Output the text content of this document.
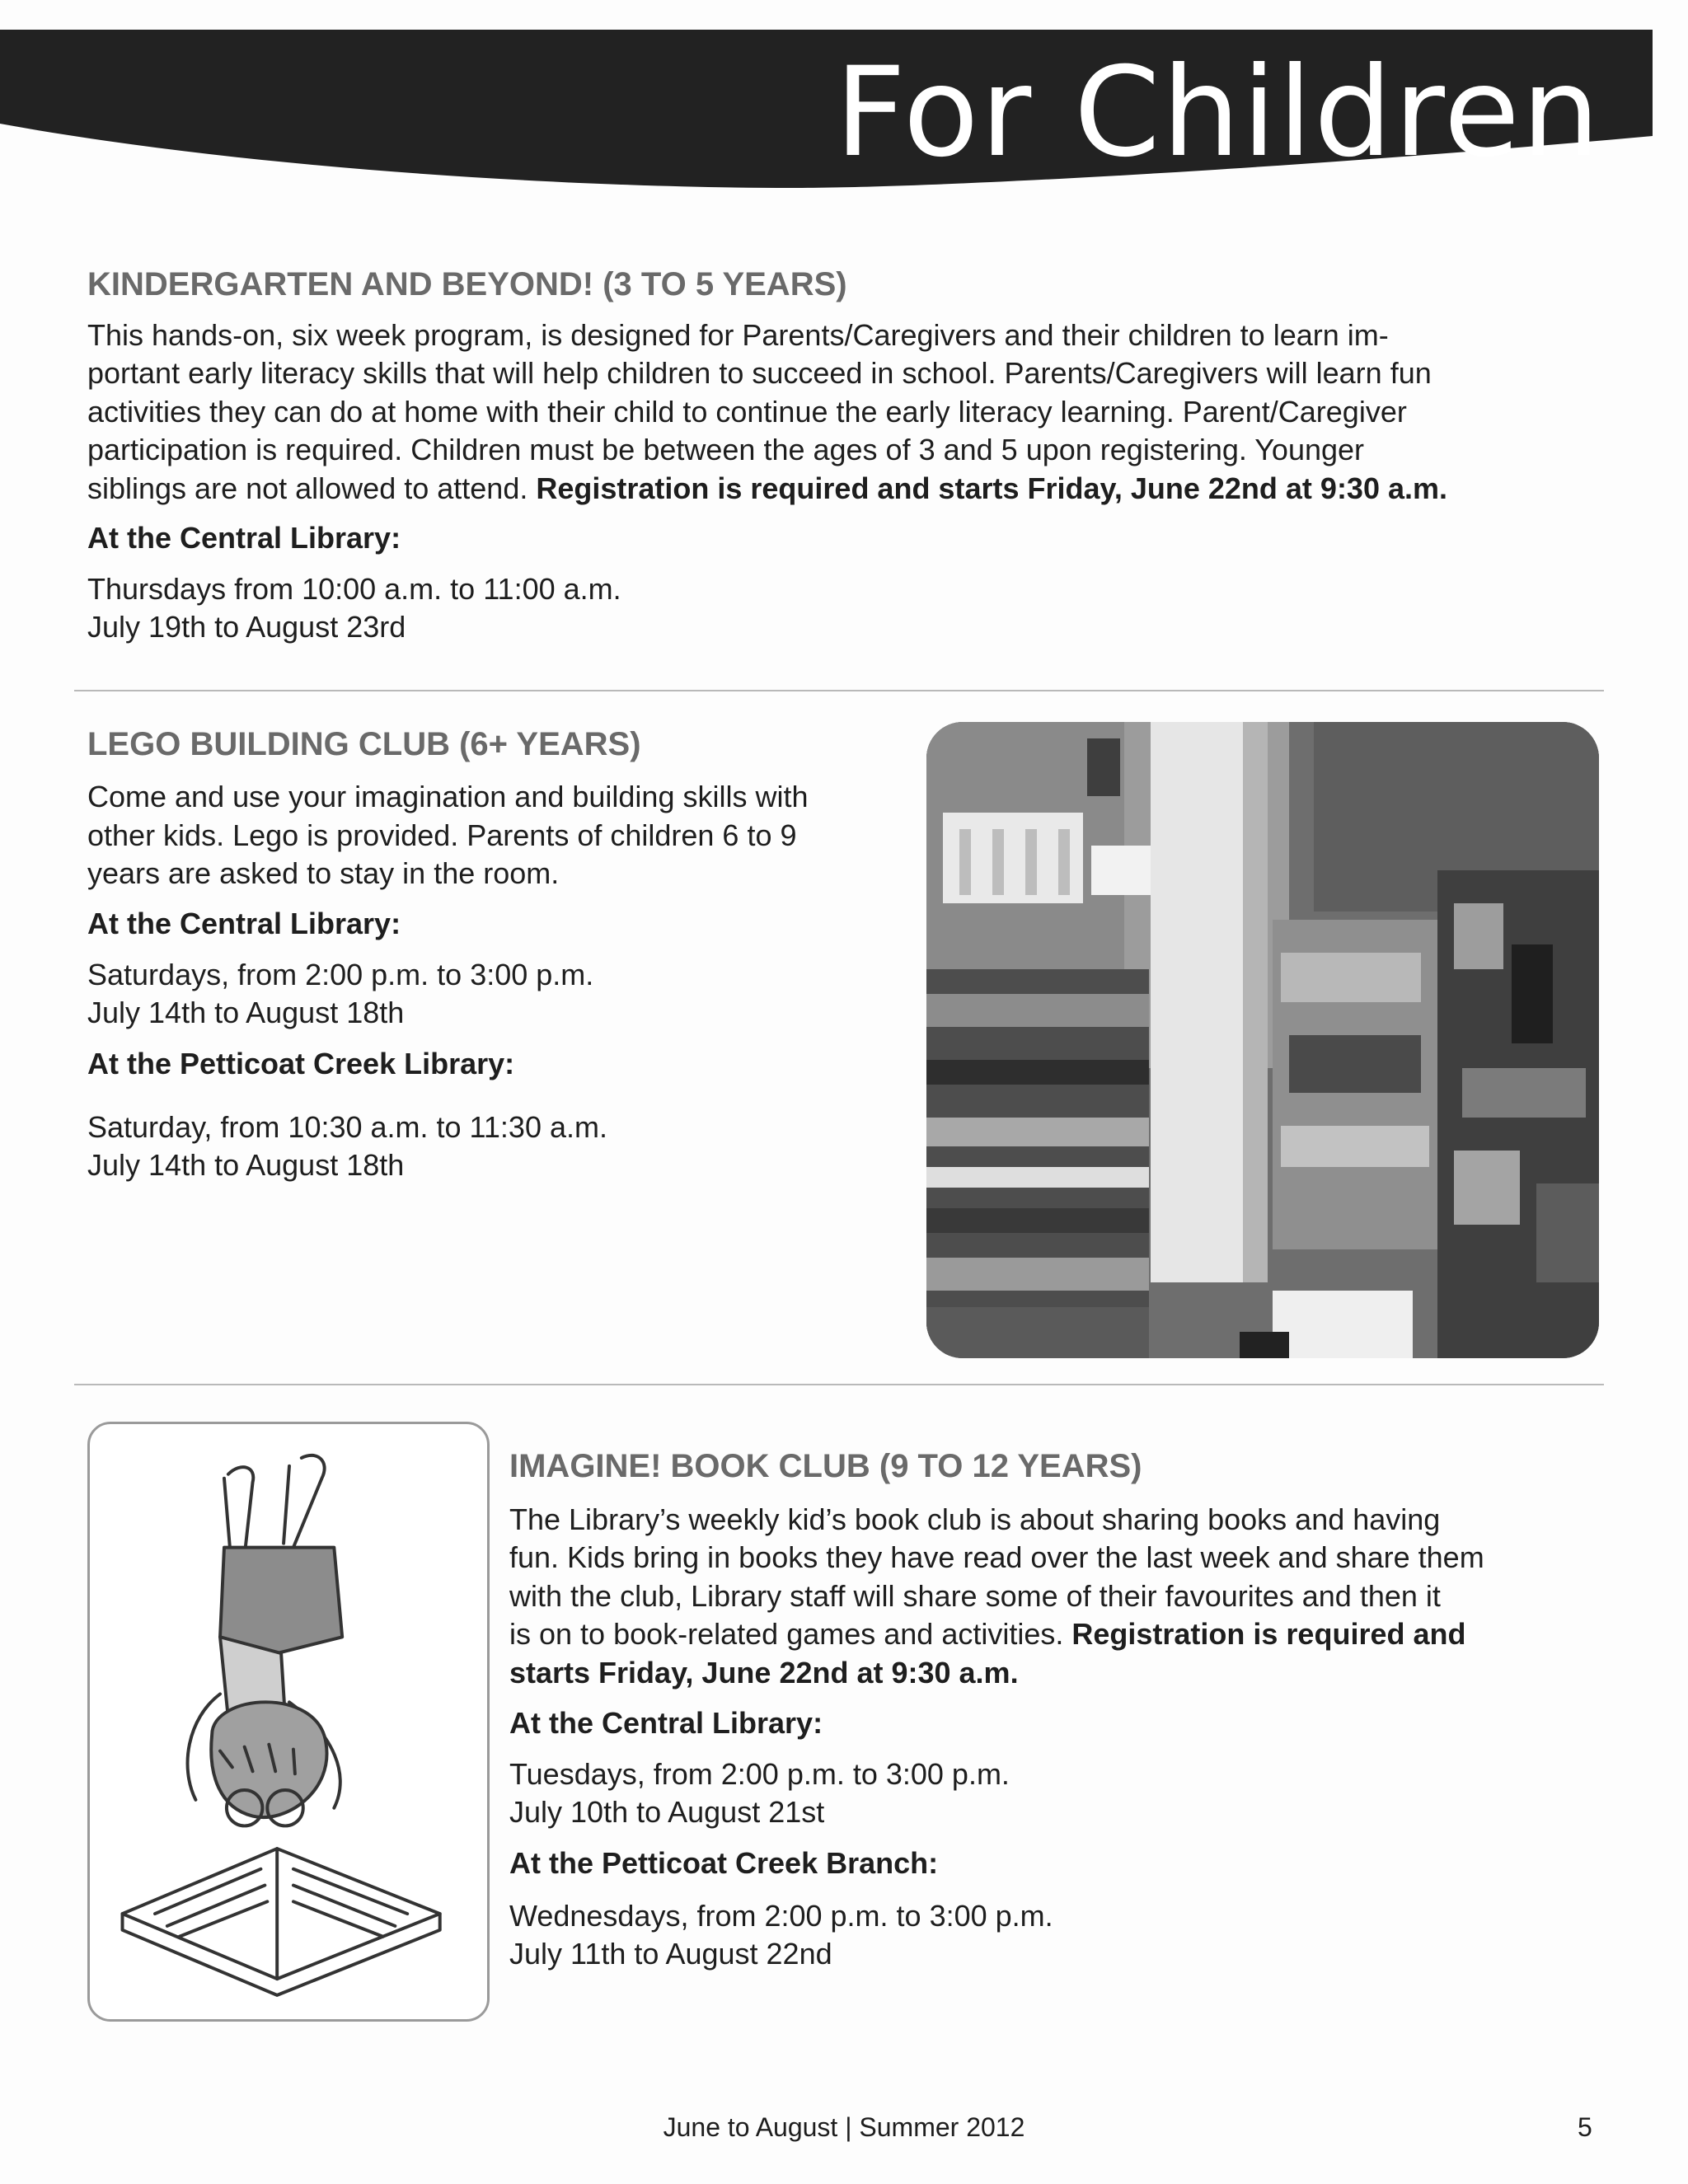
For Children
KINDERGARTEN AND BEYOND! (3 TO 5 YEARS)

This hands-on, six week program, is designed for Parents/Caregivers and their children to learn im-

portant early literacy skills that will help children to succeed in school. Parents/Caregivers will learn fun

activities they can do at home with their child to continue the early literacy learning. Parent/Caregiver

participation is required. Children must be between the ages of 3 and 5 upon registering. Younger

siblings are not allowed to attend. Registration is required and starts Friday, June 22nd at 9:30 a.m.

At the Central Library:

Thursdays from 10:00 a.m. to 11:00 a.m.

July 19th to August 23rd

LEGO BUILDING CLUB (6+ YEARS)

Come and use your imagination and building skills with

other kids. Lego is provided. Parents of children 6 to 9

years are asked to stay in the room.

At the Central Library:

Saturdays, from 2:00 p.m. to 3:00 p.m.

July 14th to August 18th

At the Petticoat Creek Library:

Saturday, from 10:30 a.m. to 11:30 a.m.

July 14th to August 18th

IMAGINE! BOOK CLUB (9 TO 12 YEARS)

The Library’s weekly kid’s book club is about sharing books and having

fun. Kids bring in books they have read over the last week and share them

with the club, Library staff will share some of their favourites and then it

is on to book-related games and activities. Registration is required and

starts Friday, June 22nd at 9:30 a.m.

At the Central Library:

Tuesdays, from 2:00 p.m. to 3:00 p.m.

July 10th to August 21st

At the Petticoat Creek Branch:

Wednesdays, from 2:00 p.m. to 3:00 p.m.

July 11th to August 22nd

June to August | Summer 2012	5
